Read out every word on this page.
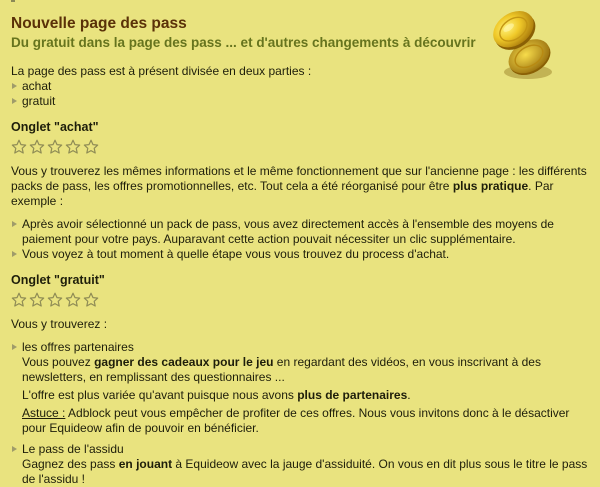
Nouvelle page des pass
Du gratuit dans la page des pass ... et d'autres changements à découvrir

La page des pass est à présent divisée en deux parties :

achat
gratuit
Onglet "achat"

Vous y trouverez les mêmes informations et le même fonctionnement que sur l'ancienne page : les différents packs de pass, les offres promotionnelles, etc. Tout cela a été réorganisé pour être plus pratique. Par exemple :

Après avoir sélectionné un pack de pass, vous avez directement accès à l'ensemble des moyens de paiement pour votre pays. Auparavant cette action pouvait nécessiter un clic supplémentaire.
Vous voyez à tout moment à quelle étape vous vous trouvez du process d'achat.
Onglet "gratuit"

Vous y trouverez :

les offres partenaires

Vous pouvez gagner des cadeaux pour le jeu en regardant des vidéos, en vous inscrivant à des newsletters, en remplissant des questionnaires ...

L'offre est plus variée qu'avant puisque nous avons plus de partenaires.

Astuce : Adblock peut vous empêcher de profiter de ces offres. Nous vous invitons donc à le désactiver pour Equideow afin de pouvoir en bénéficier.

Le pass de l'assidu

Gagnez des pass en jouant à Equideow avec la jauge d'assiduité. On vous en dit plus sous le titre le pass de l'assidu !
